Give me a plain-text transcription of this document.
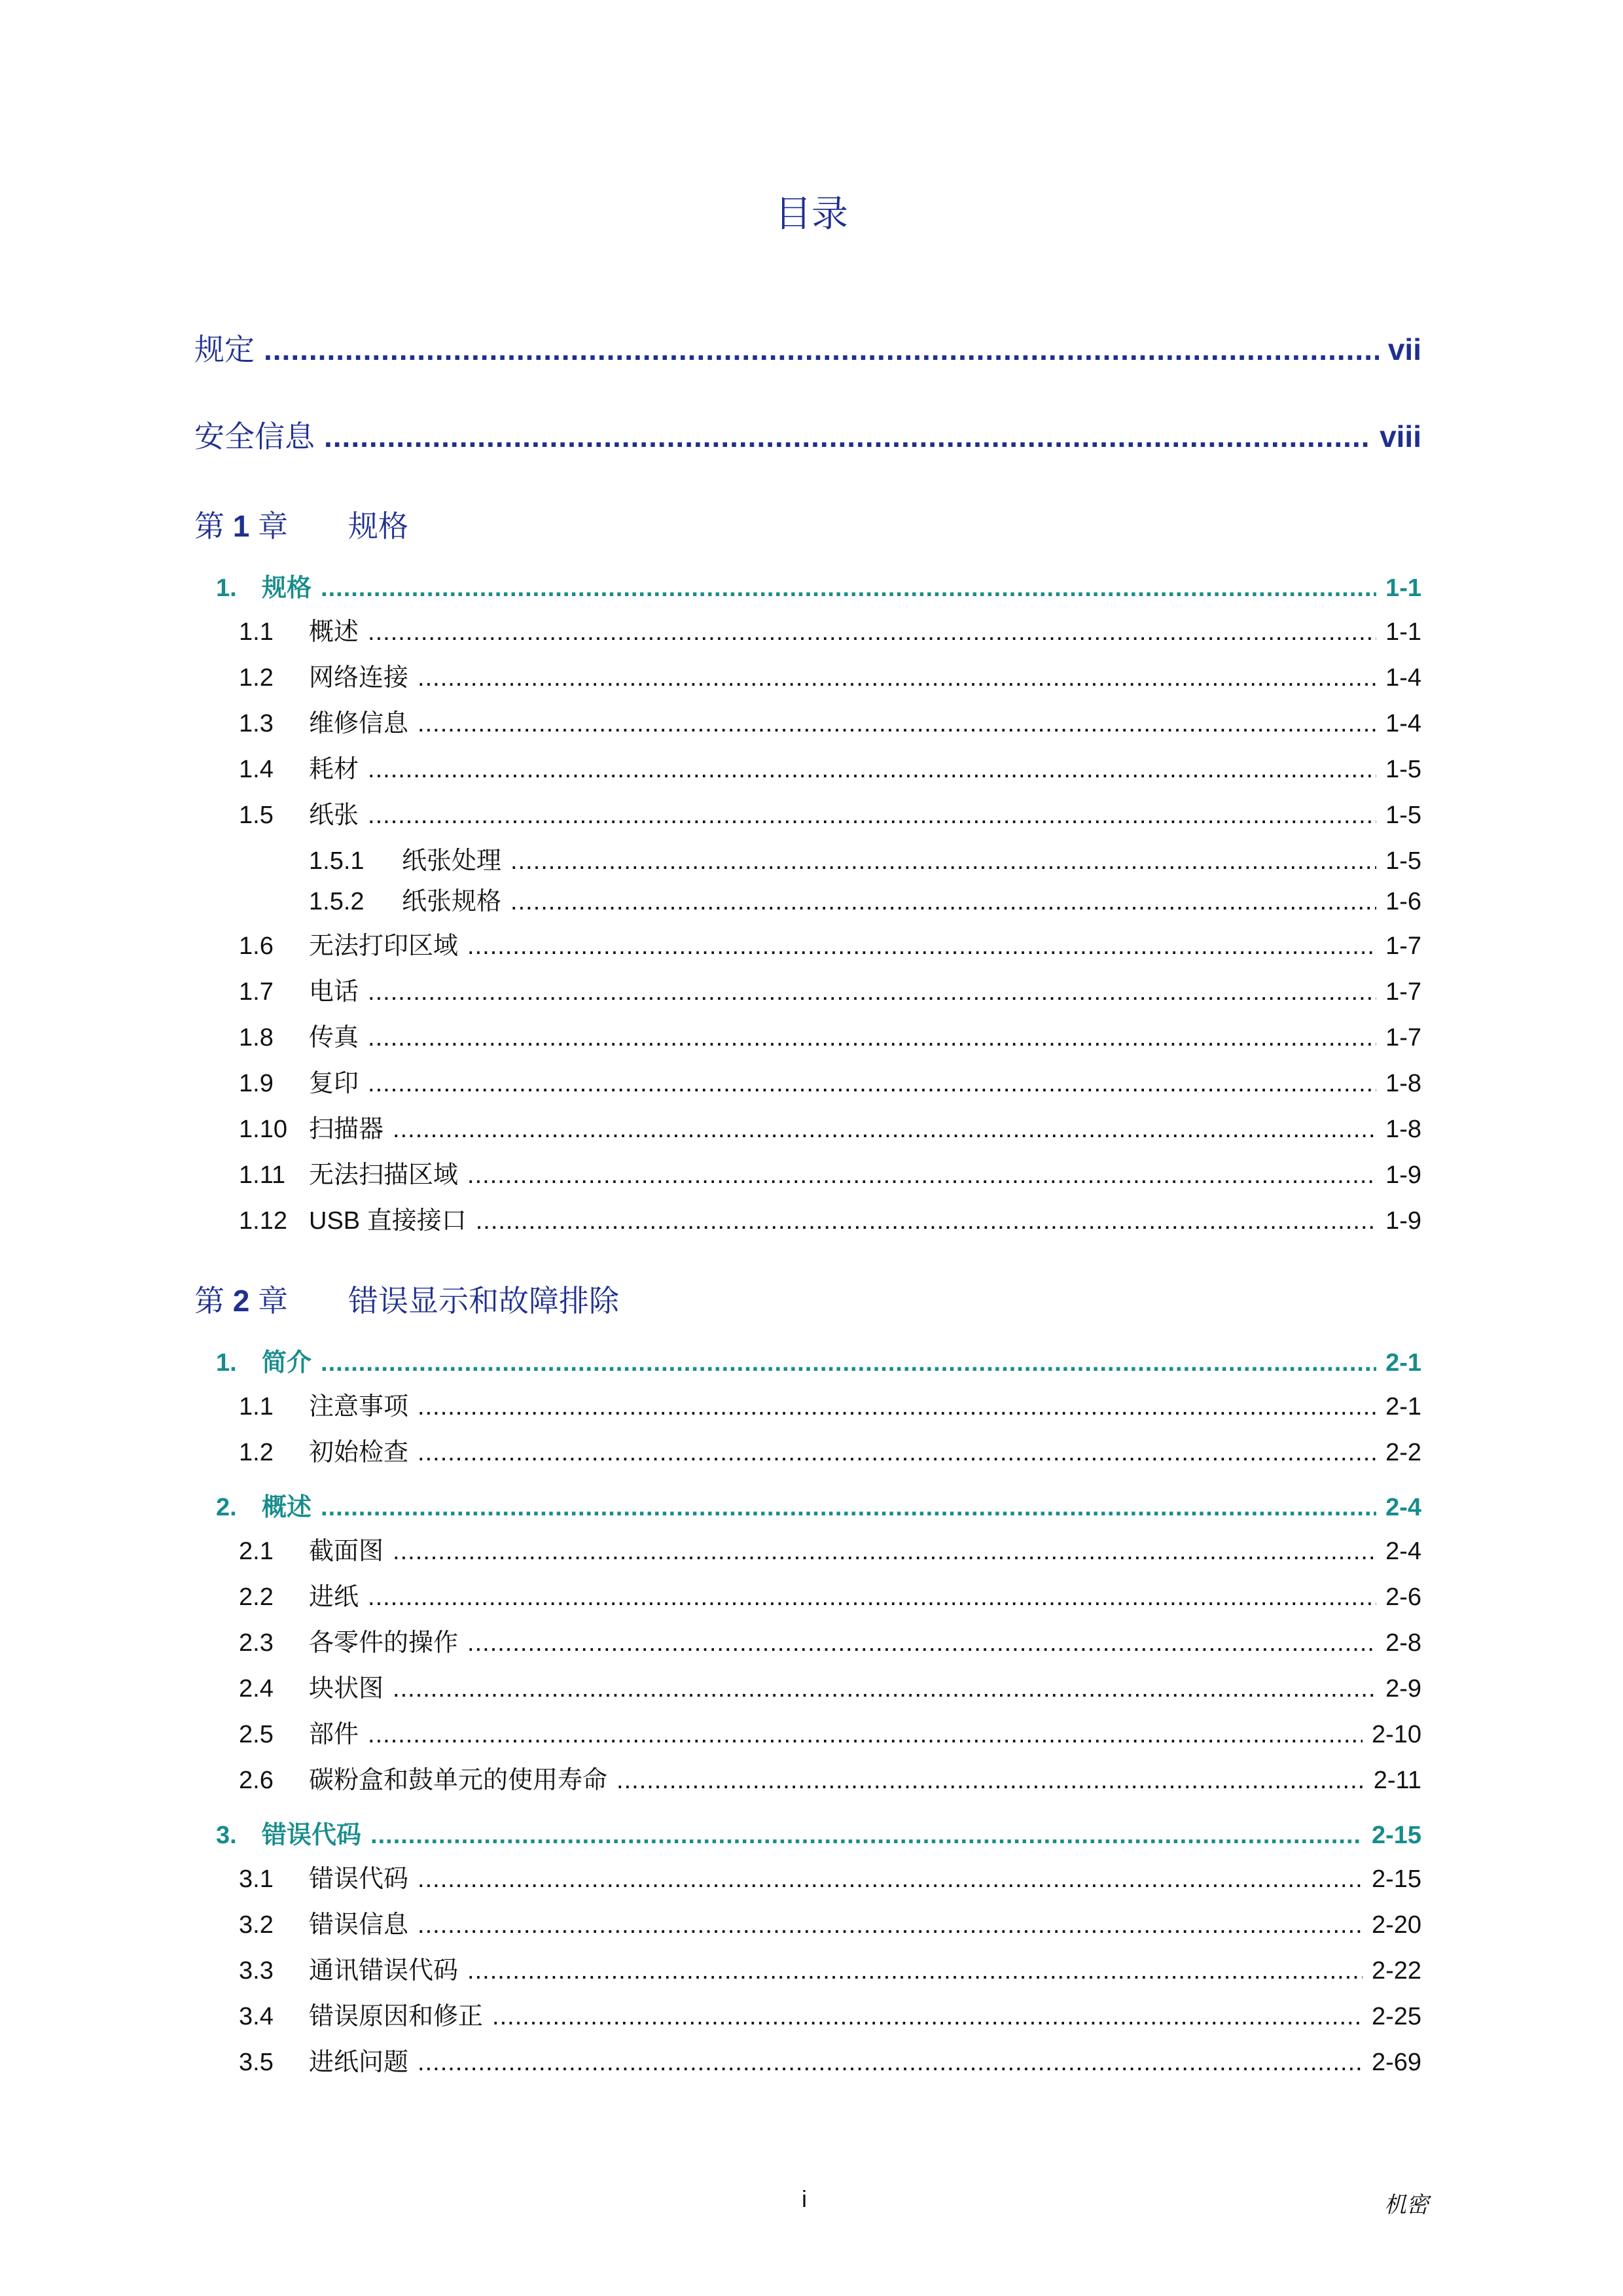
目录
规定 .....	vii
安全信息 .....	viii
第 1 章 规格
1. 规格 .....	1-1
1.1 概述 .....	1-1
1.2 网络连接 .....	1-4
1.3 维修信息 .....	1-4
1.4 耗材 .....	1-5
1.5 纸张 .....	1-5
1.5.1 纸张处理 .....	1-5
1.5.2 纸张规格 .....	1-6
1.6 无法打印区域 .....	1-7
1.7 电话 .....	1-7
1.8 传真 .....	1-7
1.9 复印 .....	1-8
1.10 扫描器 .....	1-8
1.11 无法扫描区域 .....	1-9
1.12 USB 直接接口 .....	1-9
第 2 章 错误显示和故障排除
1. 简介 .....	2-1
1.1 注意事项 .....	2-1
1.2 初始检查 .....	2-2
2. 概述 .....	2-4
2.1 截面图 .....	2-4
2.2 进纸 .....	2-6
2.3 各零件的操作 .....	2-8
2.4 块状图 .....	2-9
2.5 部件 .....	2-10
2.6 碳粉盒和鼓单元的使用寿命 .....	2-11
3. 错误代码 .....	2-15
3.1 错误代码 .....	2-15
3.2 错误信息 .....	2-20
3.3 通讯错误代码 .....	2-22
3.4 错误原因和修正 .....	2-25
3.5 进纸问题 .....	2-69
i	机密
